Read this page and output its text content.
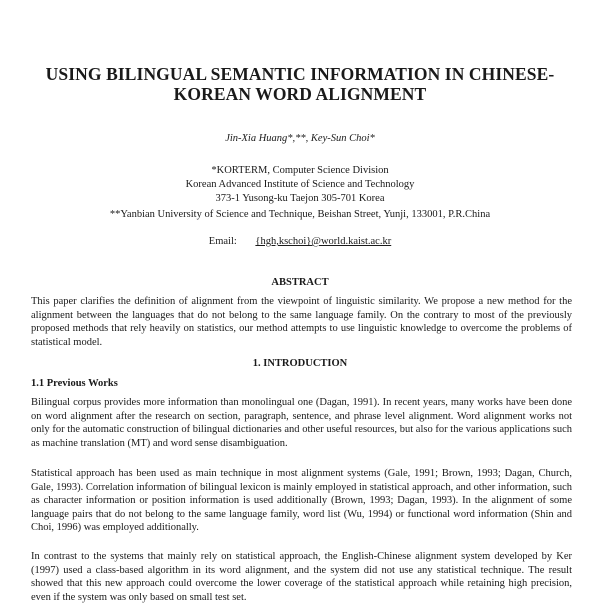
USING BILINGUAL SEMANTIC INFORMATION IN CHINESE-
KOREAN WORD ALIGNMENT
Jin-Xia Huang*,**, Key-Sun Choi*
*KORTERM, Computer Science Division
Korean Advanced Institute of Science and Technology
373-1 Yusong-ku Taejon 305-701 Korea
**Yanbian University of Science and Technique, Beishan Street, Yunji, 133001, P.R.China
Email: {hgh,kschoi}@world.kaist.ac.kr
ABSTRACT
This paper clarifies the definition of alignment from the viewpoint of linguistic similarity. We propose a new method for the alignment between the languages that do not belong to the same language family. On the contrary to most of the previously proposed methods that rely heavily on statistics, our method attempts to use linguistic knowledge to overcome the problems of statistical model.
1. INTRODUCTION
1.1 Previous Works
Bilingual corpus provides more information than monolingual one (Dagan, 1991). In recent years, many works have been done on word alignment after the research on section, paragraph, sentence, and phrase level alignment. Word alignment works not only for the automatic construction of bilingual dictionaries and other useful resources, but also for the various applications such as machine translation (MT) and word sense disambiguation.
Statistical approach has been used as main technique in most alignment systems (Gale, 1991; Brown, 1993; Dagan, Church, Gale, 1993). Correlation information of bilingual lexicon is mainly employed in statistical approach, and other information, such as character information or position information is used additionally (Brown, 1993; Dagan, 1993). In the alignment of some language pairs that do not belong to the same language family, word list (Wu, 1994) or functional word information (Shin and Choi, 1996) was employed additionally.
In contrast to the systems that mainly rely on statistical approach, the English-Chinese alignment system developed by Ker (1997) used a class-based algorithm in its word alignment, and the system did not use any statistical technique. The result showed that this new approach could overcome the lower coverage of the statistical approach while retaining high precision, even if the system was only based on small test set.
